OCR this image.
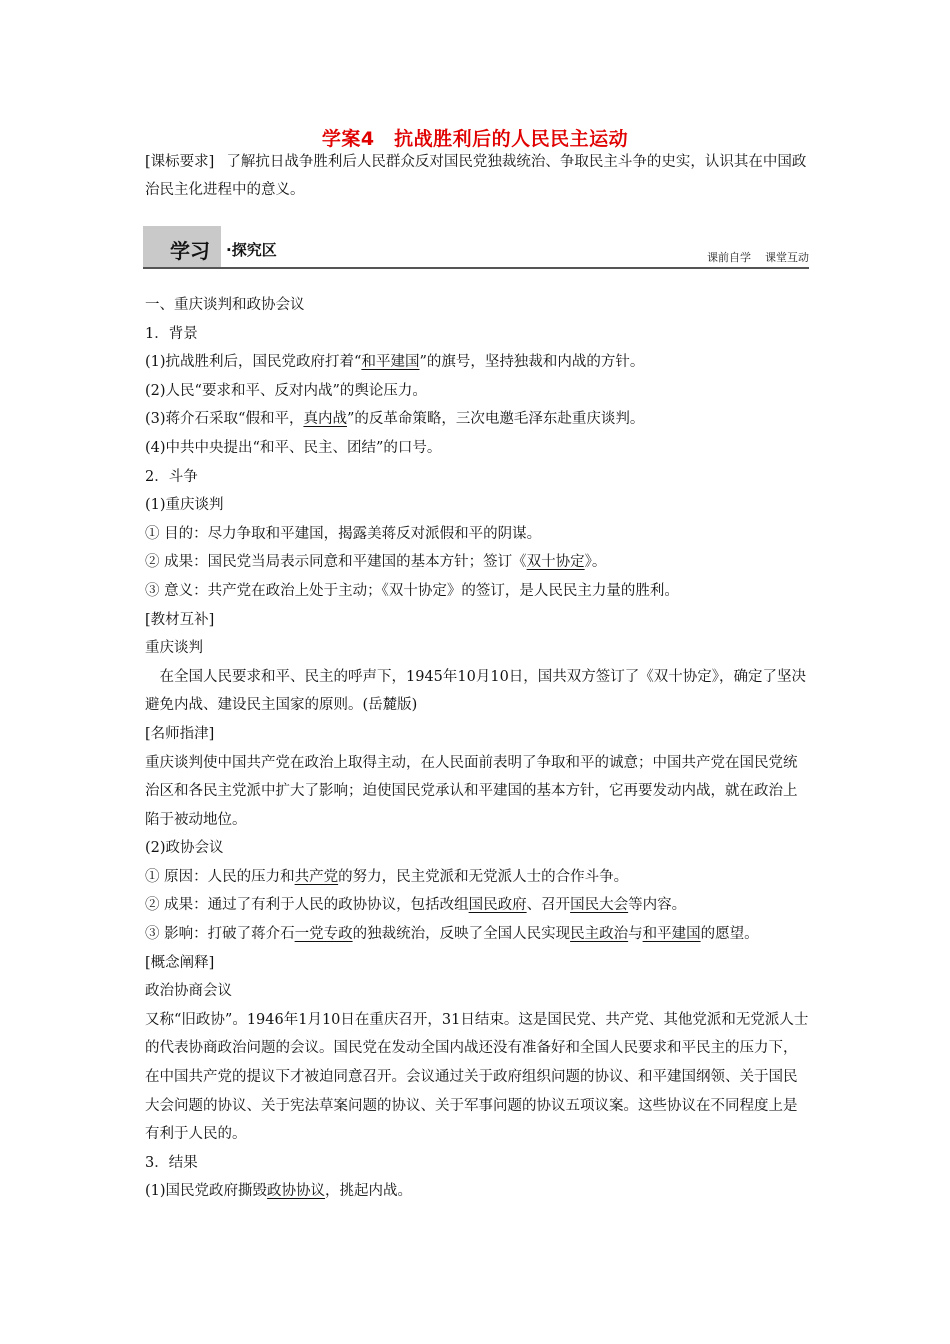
学案4　抗战胜利后的人民民主运动
[课标要求] 了解抗日战争胜利后人民群众反对国民党独裁统治、争取民主斗争的史实，认识其在中国政治民主化进程中的意义。
学习 ·探究区	课前自学 课堂互动

一、重庆谈判和政协会议

1．背景

(1)抗战胜利后，国民党政府打着“和平建国”的旗号，坚持独裁和内战的方针。

(2)人民“要求和平、反对内战”的舆论压力。

(3)蒋介石采取“假和平，真内战”的反革命策略，三次电邀毛泽东赴重庆谈判。

(4)中共中央提出“和平、民主、团结”的口号。

2．斗争

(1)重庆谈判

① 目的：尽力争取和平建国，揭露美蒋反对派假和平的阴谋。

② 成果：国民党当局表示同意和平建国的基本方针；签订《双十协定》。

③ 意义：共产党在政治上处于主动；《双十协定》的签订，是人民民主力量的胜利。

[教材互补]

重庆谈判

在全国人民要求和平、民主的呼声下，1945年10月10日，国共双方签订了《双十协定》，确定了坚决避免内战、建设民主国家的原则。(岳麓版)

[名师指津]

重庆谈判使中国共产党在政治上取得主动，在人民面前表明了争取和平的诚意；中国共产党在国民党统治区和各民主党派中扩大了影响；迫使国民党承认和平建国的基本方针，它再要发动内战，就在政治上陷于被动地位。

(2)政协会议

① 原因：人民的压力和共产党的努力，民主党派和无党派人士的合作斗争。

② 成果：通过了有利于人民的政协协议，包括改组国民政府、召开国民大会等内容。

③ 影响：打破了蒋介石一党专政的独裁统治，反映了全国人民实现民主政治与和平建国的愿望。

[概念阐释]

政治协商会议

又称“旧政协”。1946年1月10日在重庆召开，31日结束。这是国民党、共产党、其他党派和无党派人士的代表协商政治问题的会议。国民党在发动全国内战还没有准备好和全国人民要求和平民主的压力下，在中国共产党的提议下才被迫同意召开。会议通过关于政府组织问题的协议、和平建国纲领、关于国民大会问题的协议、关于宪法草案问题的协议、关于军事问题的协议五项议案。这些协议在不同程度上是有利于人民的。

3．结果

(1)国民党政府撕毁政协协议，挑起内战。
